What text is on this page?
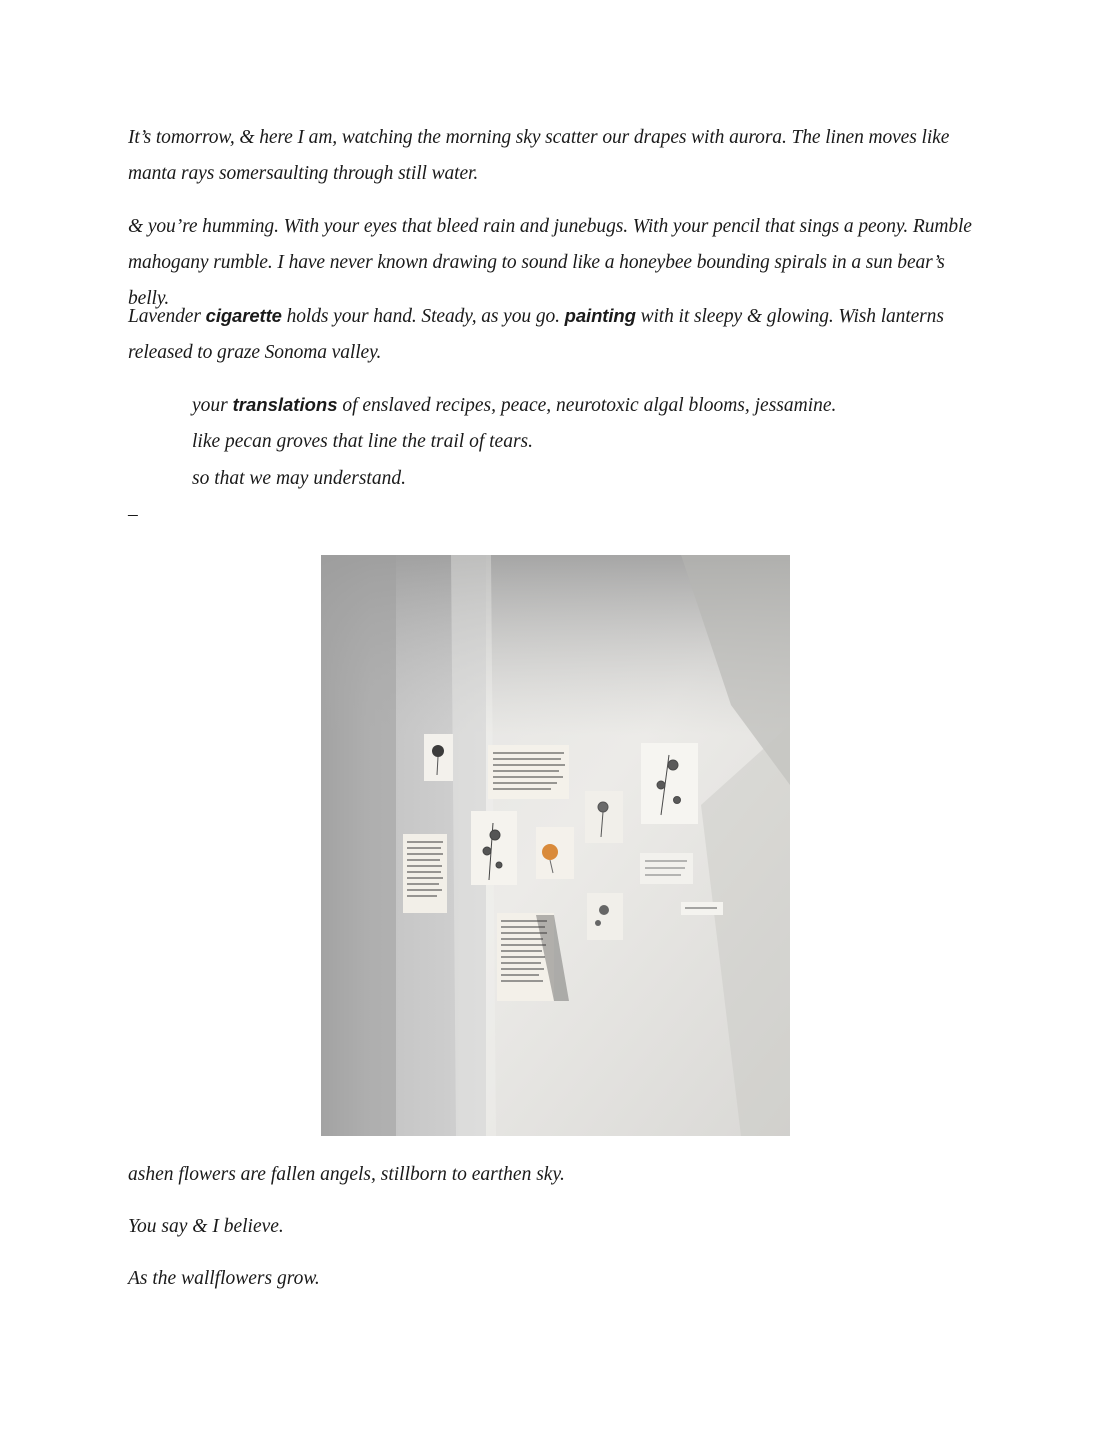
It’s tomorrow, & here I am, watching the morning sky scatter our drapes with aurora. The linen moves like manta rays somersaulting through still water.
& you’re humming. With your eyes that bleed rain and junebugs. With your pencil that sings a peony. Rumble mahogany rumble. I have never known drawing to sound like a honeybee bounding spirals in a sun bear’s belly.
Lavender cigarette holds your hand. Steady, as you go. painting with it sleepy & glowing. Wish lanterns released to graze Sonoma valley.
your translations of enslaved recipes, peace, neurotoxic algal blooms, jessamine.
like pecan groves that line the trail of tears.
so that we may understand.
–
ashen flowers are fallen angels, stillborn to earthen sky.
You say & I believe.
As the wallflowers grow.
